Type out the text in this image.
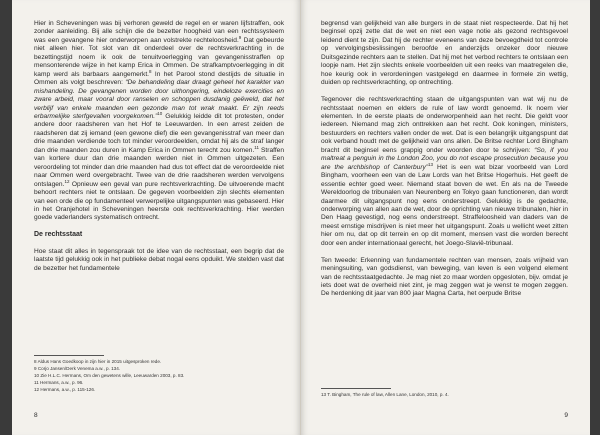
Hier in Scheveningen was bij verhoren geweld de regel en er waren lijfstraffen, ook zonder aanleiding. Bij alle schijn die de bezetter hoogheid van een rechtssysteem was een gevangene hier onderworpen aan volstrekte rechteloosheid.$^9$ Dat gebeurde niet alleen hier. Tot slot van dit onderdeel over de rechtsverkrachting in de bezettingstijd noem ik ook de tenuitvoerlegging van gevangenisstraffen op mensonterende wijze in het kamp Erica in Ommen. De strafkamptvoerlegging in dit kamp werd als barbaars aangemerkt.$^8$ In het Parool stond destijds de situatie in Ommen als volgt beschreven: “De behandeling daar draagt geheel het karakter van mishandeling. De gevangenen worden door uithongering, eindeloze exercities en zware arbeid, maar vooral door ranselen en schoppen dusdanig geëweld, dat het verblijf van enkele maanden een gezonde man tot wrak maakt. Er zijn reeds erbarmelijke sterfgevallen voorgekomen.”$^{10}$ Gelukkig leidde dit tot protesten, onder andere door raadsheren van het Hof te Leeuwarden. In een arrest zeiden de raadsheren dat zij iemand (een gewone dief) die een gevangenisstraf van meer dan drie maanden verdiende toch tot minder veroordeelden, omdat hij als de straf langer dan drie maanden zou duren in Kamp Erica in Ommen terecht zou komen.$^{11}$ Straffen van kortere duur dan drie maanden werden niet in Ommen uitgezeten. Een veroordeling tot minder dan drie maanden had dus tot effect dat de veroordeelde niet naar Ommen werd overgebracht. Twee van de drie raadsheren werden vervolgens ontslagen.$^{12}$ Opnieuw een geval van pure rechtsverkrachting. De uitvoerende macht behoort rechters niet te ontslaan. De gegeven voorbeelden zijn slechts elementen van een orde die op fundamenteel verwerpelijke uitgangspunten was gebaseerd. Hier in het Oranjehotel in Scheveningen heerste ook rechtsverkrachting. Hier werden goede vaderlanders systematisch ontrecht.

De rechtsstaat

Hoe staat dit alles in tegenspraak tot de idee van de rechtsstaat, een begrip dat de laatste tijd gelukkig ook in het publieke debat nogal eens opduikt. We stelden vast dat de bezetter het fundamentele

8 Aldus Hans Goedkoop in zijn hier in 2015 uitgesproken rede.
9 Corjo Jansen/Derk Venema a.w., p. 134.
10 Zie H.L.C. Hermans, Om den gewetens wille, Leeuwarden 2003, p. 83.
11 Hermans, a.w., p. 96.
12 Hermans, a.w., p. 115-126.
8

begrensd van gelijkheid van alle burgers in de staat niet respecteerde. Dat hij het beginsel opzij zette dat de wet en niet een vage notie als gezond rechtsgevoel leidend dient te zijn. Dat hij de rechter eveneens van deze bevoegdheid tot controle op vervolgingsbeslissingen beroofde en anderzijds onzeker door nieuwe Duitsgezinde rechters aan te stellen. Dat hij met het verbod rechters te ontslaan een loopje nam. Het zijn slechts enkele voorbeelden uit een reeks van maatregelen die, hoe keurig ook in verordeningen vastgelegd en daarmee in formele zin wettig, duiden op rechtsverkrachting, op ontrechting.

Tegenover die rechtsverkrachting staan de uitgangspunten van wat wij nu de rechtsstaat noemen en elders de rule of law wordt genoemd. Ik noem vier elementen. In de eerste plaats de onderworpenheid aan het recht. Die geldt voor iedereen. Niemand mag zich onttrekken aan het recht. Ook koningen, ministers, bestuurders en rechters vallen onder de wet. Dat is een belangrijk uitgangspunt dat ook verband houdt met de gelijkheid van ons allen. De Britse rechter Lord Bingham bracht dit beginsel eens grappig onder woorden door te schrijven: “So, if you maltreat a penguin in the London Zoo, you do not escape prosecution because you are the archbishop of Canterbury”$^{13}$ Het is een wat bizar voorbeeld van Lord Bingham, voorheen een van de Law Lords van het Britse Hogerhuis. Het geeft de essentie echter goed weer. Niemand staat boven de wet. En als na de Tweede Wereldoorlog de tribunalen van Neurenberg en Tokyo gaan functioneren, dan wordt daarmee dit uitgangspunt nog eens onderstreept. Gelukkig is de gedachte, onderworping van allen aan de wet, door de oprichting van nieuwe tribunalen, hier in Den Haag gevestigd, nog eens onderstreept. Straffeloosheid van daders van de meest ernstige misdrijven is niet meer het uitgangspunt. Zoals u wellicht weet zitten hier om nu, dat op dit terrein en op dit moment, mensen vast die worden berecht door een ander internationaal gerecht, het Joego-Slavië-tribunaal.

Ten tweede: Erkenning van fundamentele rechten van mensen, zoals vrijheid van meningsuiting, van godsdienst, van beweging, van leven is een volgend element van de rechtsstaatgedachte. Je mag niet zo maar worden opgesloten, bijv. omdat je iets doet wat de overheid niet zint, je mag zeggen wat je wenst te mogen zeggen. De herdenking dit jaar van 800 jaar Magna Carta, het oerpude Britse

13 T. Bingham, The rule of law, Allen Lane, London, 2010, p. 4.
9
